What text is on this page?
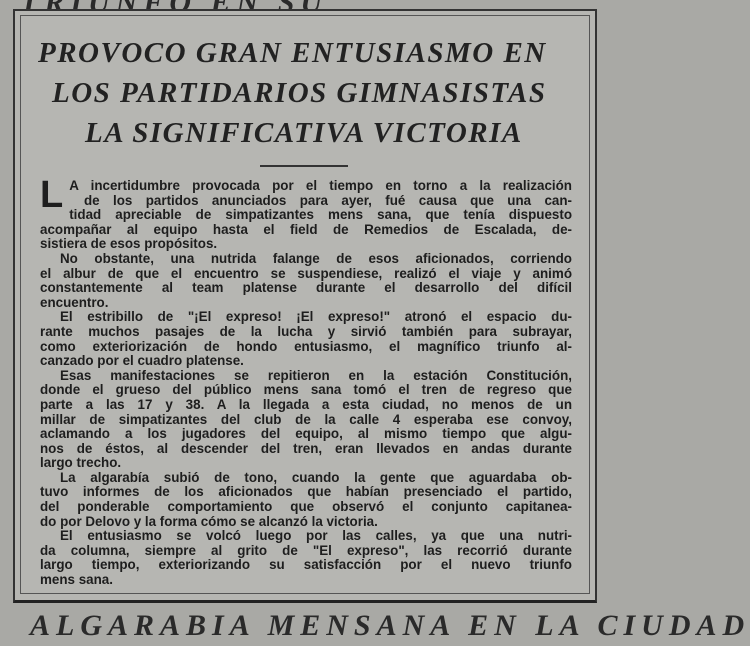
PROVOCO GRAN ENTUSIASMO EN
LOS PARTIDARIOS GIMNASISTAS
LA SIGNIFICATIVA VICTORIA
L A incertidumbre provocada por el tiempo en torno a la realización
de los partidos anunciados para ayer, fué causa que una can-
tidad apreciable de simpatizantes mens sana, que tenía dispuesto
acompañar al equipo hasta el field de Remedios de Escalada, de-
sistiera de esos propósitos.
No obstante, una nutrida falange de esos aficionados, corriendo
el albur de que el encuentro se suspendiese, realizó el viaje y animó
constantemente al team platense durante el desarrollo del difícil
encuentro.
El estribillo de "¡El expreso! ¡El expreso!" atronó el espacio du-
rante muchos pasajes de la lucha y sirvió también para subrayar,
como exteriorización de hondo entusiasmo, el magnífico triunfo al-
canzado por el cuadro platense.
Esas manifestaciones se repitieron en la estación Constitución,
donde el grueso del público mens sana tomó el tren de regreso que
parte a las 17 y 38. A la llegada a esta ciudad, no menos de un
millar de simpatizantes del club de la calle 4 esperaba ese convoy,
aclamando a los jugadores del equipo, al mismo tiempo que algu-
nos de éstos, al descender del tren, eran llevados en andas durante
largo trecho.
La algarabía subió de tono, cuando la gente que aguardaba ob-
tuvo informes de los aficionados que habían presenciado el partido,
del ponderable comportamiento que observó el conjunto capitanea-
do por Delovo y la forma cómo se alcanzó la victoria.
El entusiasmo se volcó luego por las calles, ya que una nutri-
da columna, siempre al grito de "El expreso", las recorrió durante
largo tiempo, exteriorizando su satisfacción por el nuevo triunfo
mens sana.
ALGARABIA MENSANA EN LA CIUDAD
